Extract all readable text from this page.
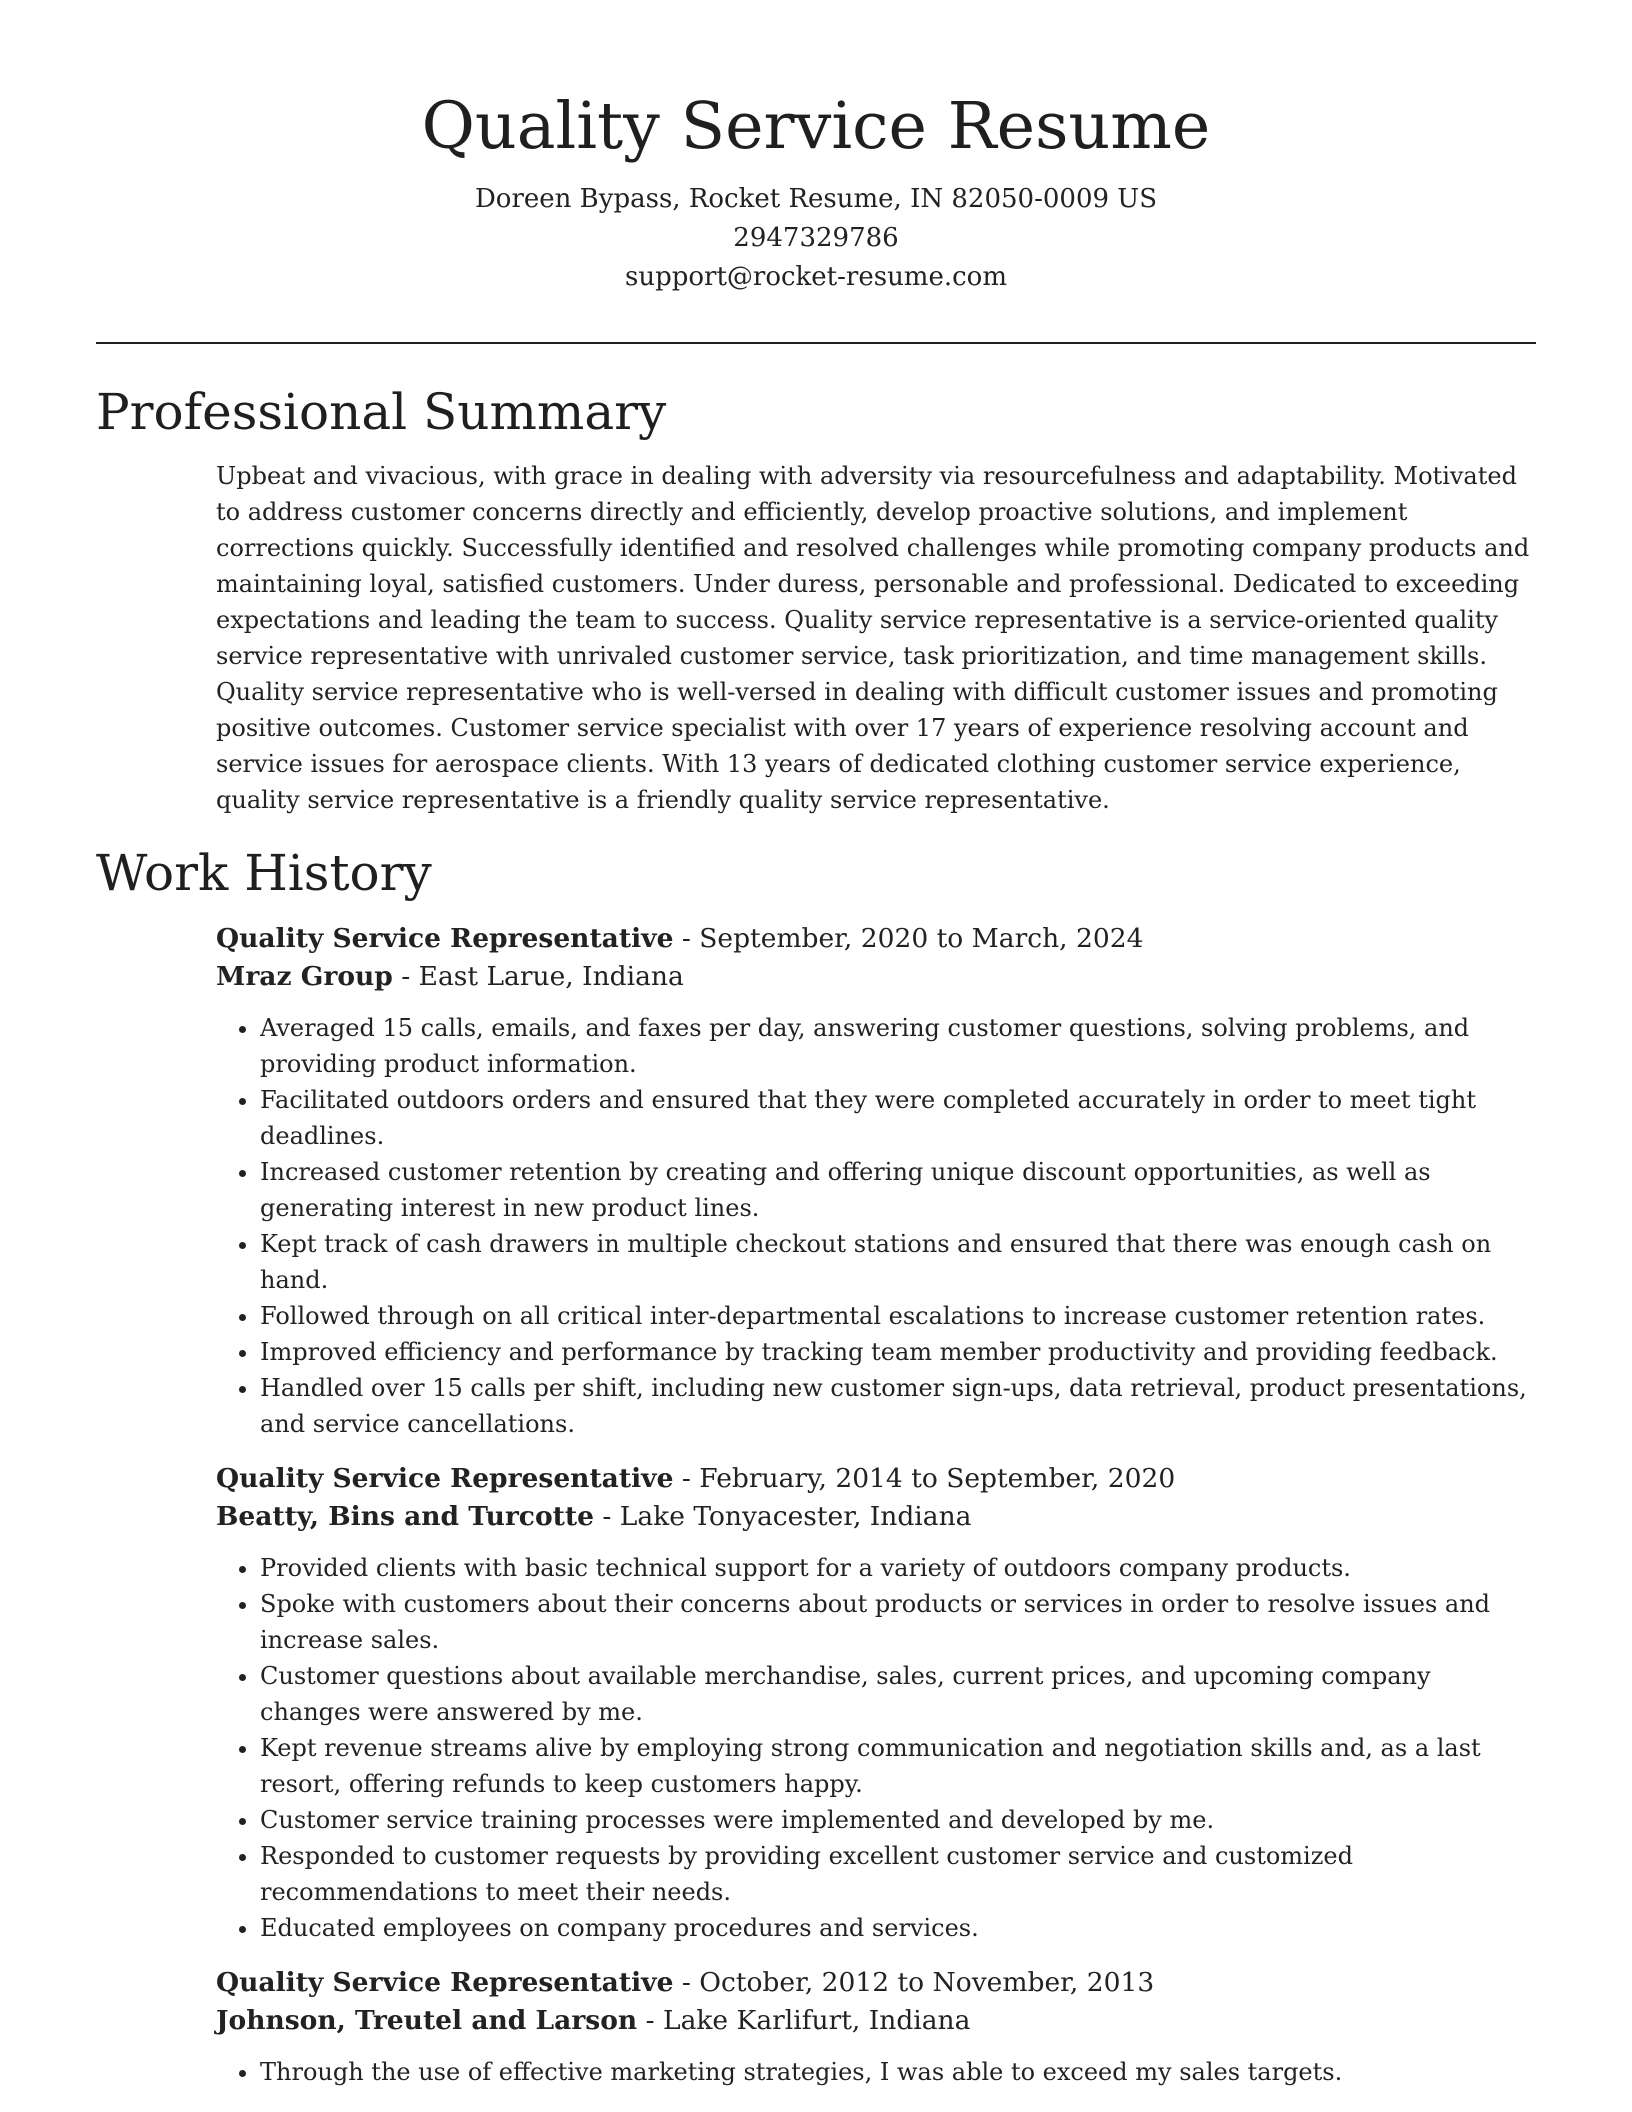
Quality Service Resume
Doreen Bypass, Rocket Resume, IN 82050-0009 US
2947329786
support@rocket-resume.com
Professional Summary

Upbeat and vivacious, with grace in dealing with adversity via resourcefulness and adaptability. Motivated to address customer concerns directly and efficiently, develop proactive solutions, and implement corrections quickly. Successfully identified and resolved challenges while promoting company products and maintaining loyal, satisfied customers. Under duress, personable and professional. Dedicated to exceeding expectations and leading the team to success. Quality service representative is a service-oriented quality service representative with unrivaled customer service, task prioritization, and time management skills. Quality service representative who is well-versed in dealing with difficult customer issues and promoting positive outcomes. Customer service specialist with over 17 years of experience resolving account and service issues for aerospace clients. With 13 years of dedicated clothing customer service experience, quality service representative is a friendly quality service representative.

Work History
Quality Service Representative - September, 2020 to March, 2024
Mraz Group - East Larue, Indiana
• Averaged 15 calls, emails, and faxes per day, answering customer questions, solving problems, and providing product information.
• Facilitated outdoors orders and ensured that they were completed accurately in order to meet tight deadlines.
• Increased customer retention by creating and offering unique discount opportunities, as well as generating interest in new product lines.
• Kept track of cash drawers in multiple checkout stations and ensured that there was enough cash on hand.
• Followed through on all critical inter-departmental escalations to increase customer retention rates.
• Improved efficiency and performance by tracking team member productivity and providing feedback.
• Handled over 15 calls per shift, including new customer sign-ups, data retrieval, product presentations, and service cancellations.
Quality Service Representative - February, 2014 to September, 2020
Beatty, Bins and Turcotte - Lake Tonyacester, Indiana
• Provided clients with basic technical support for a variety of outdoors company products.
• Spoke with customers about their concerns about products or services in order to resolve issues and increase sales.
• Customer questions about available merchandise, sales, current prices, and upcoming company changes were answered by me.
• Kept revenue streams alive by employing strong communication and negotiation skills and, as a last resort, offering refunds to keep customers happy.
• Customer service training processes were implemented and developed by me.
• Responded to customer requests by providing excellent customer service and customized recommendations to meet their needs.
• Educated employees on company procedures and services.
Quality Service Representative - October, 2012 to November, 2013
Johnson, Treutel and Larson - Lake Karlifurt, Indiana
• Through the use of effective marketing strategies, I was able to exceed my sales targets.
